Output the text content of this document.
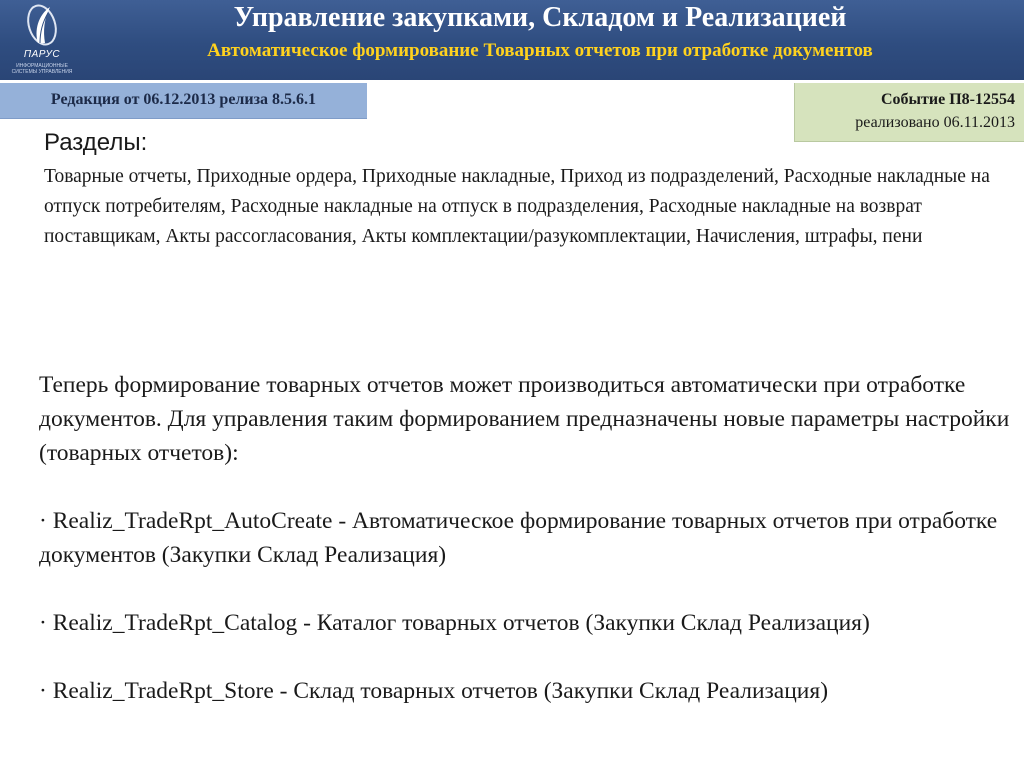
ПАРУС
ИНФОРМАЦИОННЫЕ СИСТЕМЫ УПРАВЛЕНИЯ
Управление закупками, Складом и Реализацией
Автоматическое формирование Товарных отчетов при отработке документов
Редакция от 06.12.2013 релиза 8.5.6.1	Событие П8-12554
реализовано 06.11.2013
Разделы:
Товарные отчеты, Приходные ордера, Приходные накладные, Приход из подразделений, Расходные накладные на отпуск потребителям, Расходные накладные на отпуск в подразделения, Расходные накладные на возврат поставщикам, Акты рассогласования, Акты комплектации/разукомплектации, Начисления, штрафы, пени

Теперь формирование товарных отчетов может производиться автоматически при отработке документов. Для управления таким формированием предназначены новые параметры настройки (товарных отчетов):

· Realiz_TradeRpt_AutoCreate - Автоматическое формирование товарных отчетов при отработке документов (Закупки Склад Реализация)

· Realiz_TradeRpt_Catalog - Каталог товарных отчетов (Закупки Склад Реализация)

· Realiz_TradeRpt_Store - Склад товарных отчетов (Закупки Склад Реализация)
